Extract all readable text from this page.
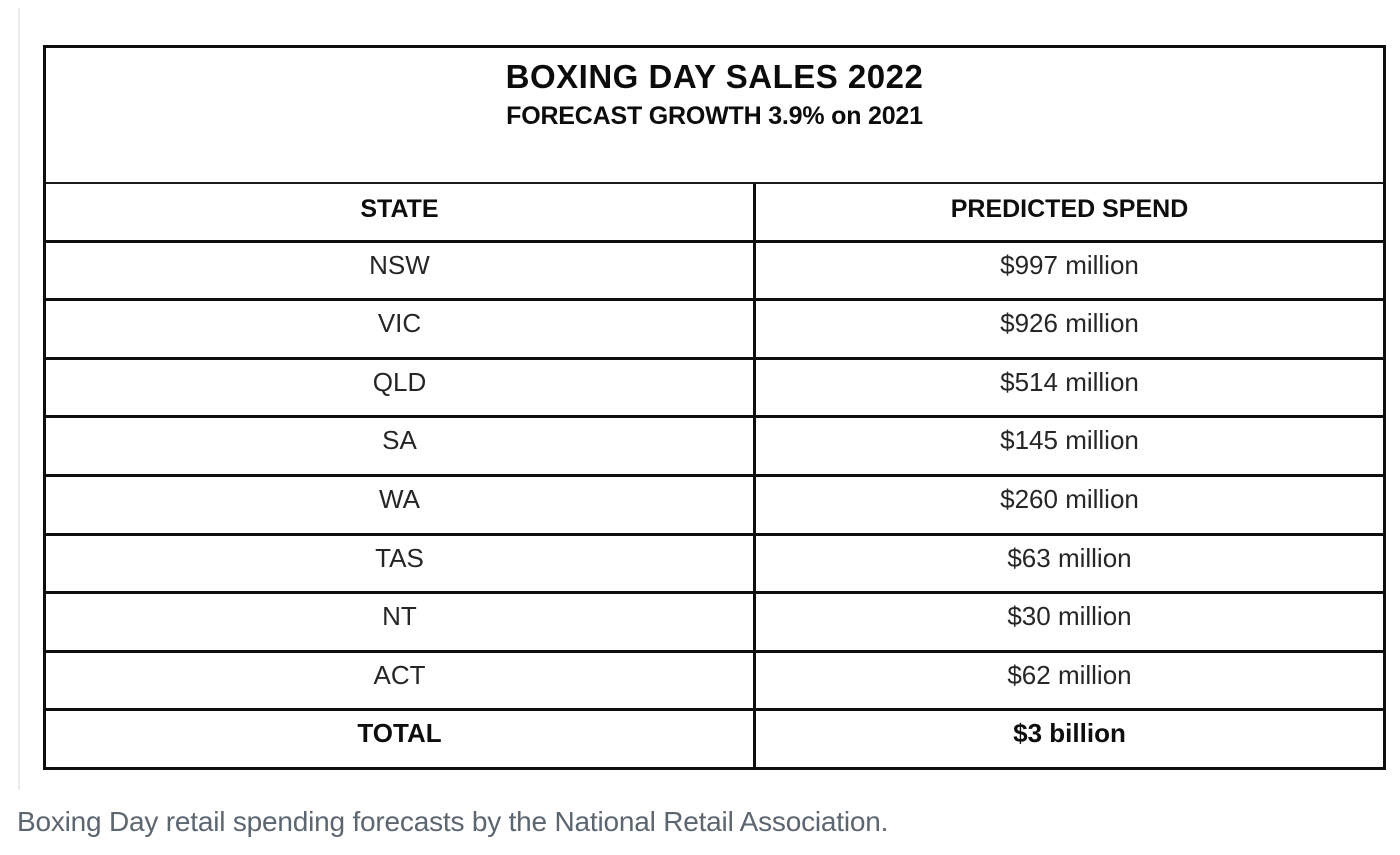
BOXING DAY SALES 2022
FORECAST GROWTH 3.9% on 2021
STATE	PREDICTED SPEND
NSW	$997 million
VIC	$926 million
QLD	$514 million
SA	$145 million
WA	$260 million
TAS	$63 million
NT	$30 million
ACT	$62 million
TOTAL	$3 billion
Boxing Day retail spending forecasts by the National Retail Association.
